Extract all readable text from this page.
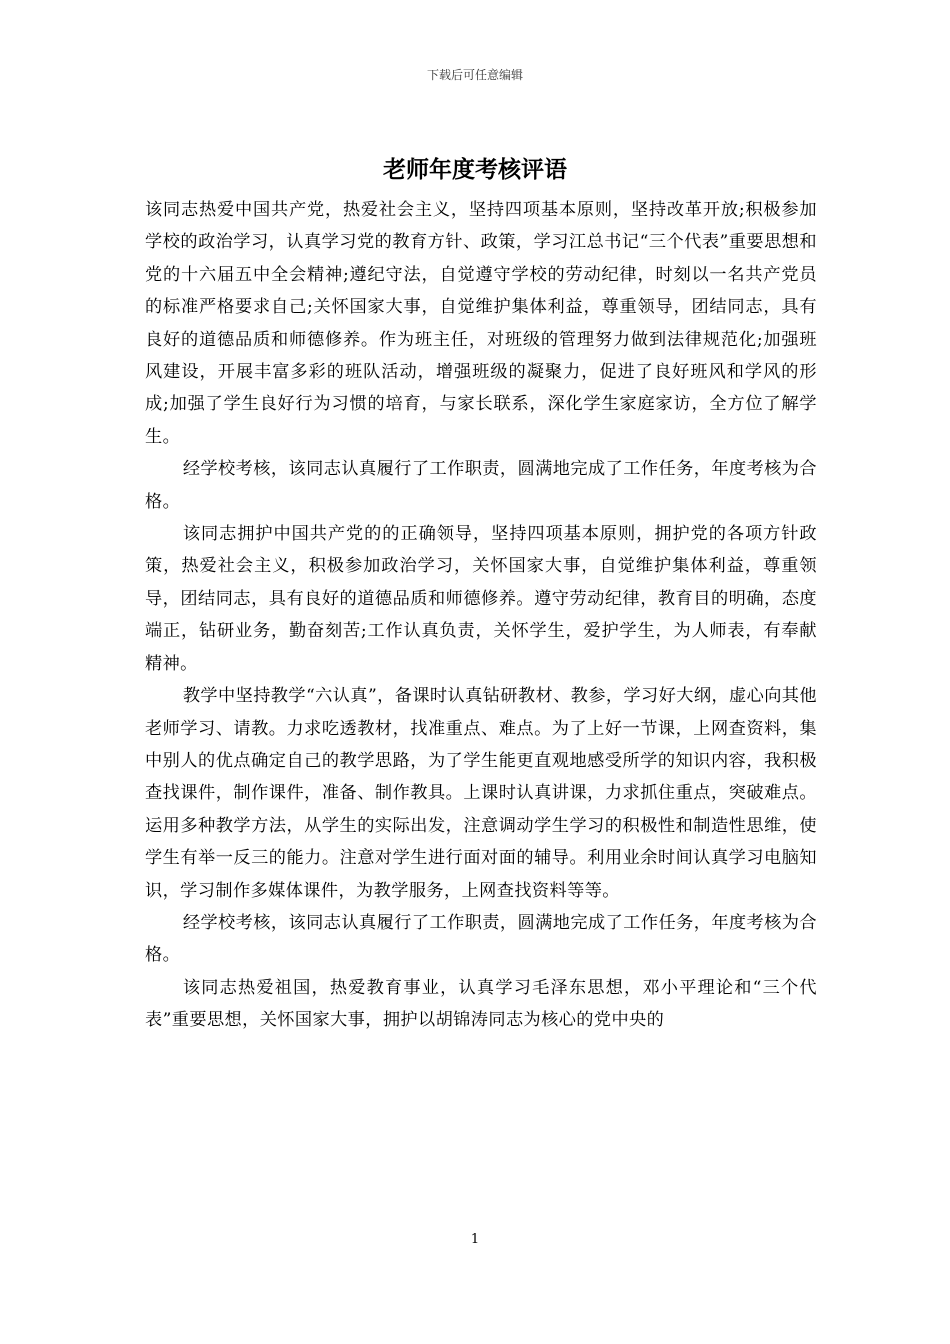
下载后可任意编辑
老师年度考核评语

该同志热爱中国共产党，热爱社会主义，坚持四项基本原则，坚持改革开放;积极参加学校的政治学习，认真学习党的教育方针、政策，学习江总书记“三个代表”重要思想和党的十六届五中全会精神;遵纪守法，自觉遵守学校的劳动纪律，时刻以一名共产党员的标准严格要求自己;关怀国家大事，自觉维护集体利益，尊重领导，团结同志，具有良好的道德品质和师德修养。作为班主任，对班级的管理努力做到法律规范化;加强班风建设，开展丰富多彩的班队活动，增强班级的凝聚力，促进了良好班风和学风的形成;加强了学生良好行为习惯的培育，与家长联系，深化学生家庭家访，全方位了解学生。

经学校考核，该同志认真履行了工作职责，圆满地完成了工作任务，年度考核为合格。

该同志拥护中国共产党的的正确领导，坚持四项基本原则，拥护党的各项方针政策，热爱社会主义，积极参加政治学习，关怀国家大事，自觉维护集体利益，尊重领导，团结同志，具有良好的道德品质和师德修养。遵守劳动纪律，教育目的明确，态度端正，钻研业务，勤奋刻苦;工作认真负责，关怀学生，爱护学生，为人师表，有奉献精神。

教学中坚持教学“六认真”，备课时认真钻研教材、教参，学习好大纲，虚心向其他老师学习、请教。力求吃透教材，找准重点、难点。为了上好一节课，上网查资料，集中别人的优点确定自己的教学思路，为了学生能更直观地感受所学的知识内容，我积极查找课件，制作课件，准备、制作教具。上课时认真讲课，力求抓住重点，突破难点。运用多种教学方法，从学生的实际出发，注意调动学生学习的积极性和制造性思维，使学生有举一反三的能力。注意对学生进行面对面的辅导。利用业余时间认真学习电脑知识，学习制作多媒体课件，为教学服务，上网查找资料等等。

经学校考核，该同志认真履行了工作职责，圆满地完成了工作任务，年度考核为合格。

该同志热爱祖国，热爱教育事业，认真学习毛泽东思想，邓小平理论和“三个代表”重要思想，关怀国家大事，拥护以胡锦涛同志为核心的党中央的

1
